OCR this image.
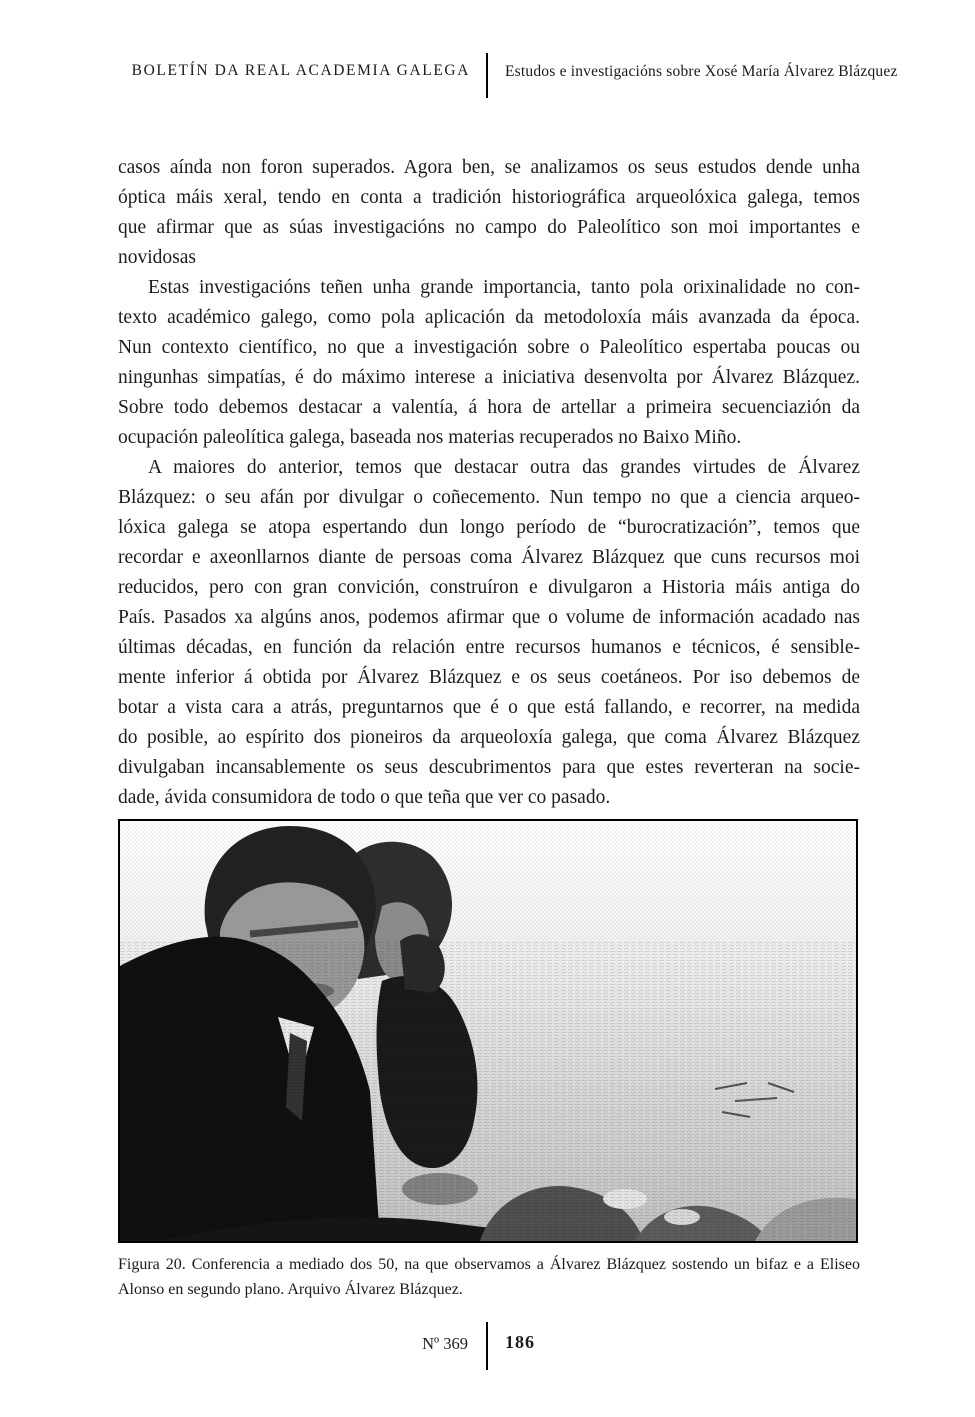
BOLETÍN DA REAL ACADEMIA GALEGA Estudos e investigacións sobre Xosé María Álvarez Blázquez
casos aínda non foron superados. Agora ben, se analizamos os seus estudos dende unha
óptica máis xeral, tendo en conta a tradición historiográfica arqueolóxica galega, temos
que afirmar que as súas investigacións no campo do Paleolítico son moi importantes e
novidosas
Estas investigacións teñen unha grande importancia, tanto pola orixinalidade no con-
texto académico galego, como pola aplicación da metodoloxía máis avanzada da época.
Nun contexto científico, no que a investigación sobre o Paleolítico espertaba poucas ou
ningunhas simpatías, é do máximo interese a iniciativa desenvolta por Álvarez Blázquez.
Sobre todo debemos destacar a valentía, á hora de artellar a primeira secuenciazión da
ocupación paleolítica galega, baseada nos materias recuperados no Baixo Miño.
A maiores do anterior, temos que destacar outra das grandes virtudes de Álvarez
Blázquez: o seu afán por divulgar o coñecemento. Nun tempo no que a ciencia arqueo-
lóxica galega se atopa espertando dun longo período de “burocratización”, temos que
recordar e axeonllarnos diante de persoas coma Álvarez Blázquez que cuns recursos moi
reducidos, pero con gran convición, construíron e divulgaron a Historia máis antiga do
País. Pasados xa algúns anos, podemos afirmar que o volume de información acadado nas
últimas décadas, en función da relación entre recursos humanos e técnicos, é sensible-
mente inferior á obtida por Álvarez Blázquez e os seus coetáneos. Por iso debemos de
botar a vista cara a atrás, preguntarnos que é o que está fallando, e recorrer, na medida
do posible, ao espírito dos pioneiros da arqueoloxía galega, que coma Álvarez Blázquez
divulgaban incansablemente os seus descubrimentos para que estes reverteran na socie-
dade, ávida consumidora de todo o que teña que ver co pasado.
Figura 20. Conferencia a mediado dos 50, na que observamos a Álvarez Blázquez sostendo un bifaz e a Eliseo
Alonso en segundo plano. Arquivo Álvarez Blázquez.
Nº 369 186
